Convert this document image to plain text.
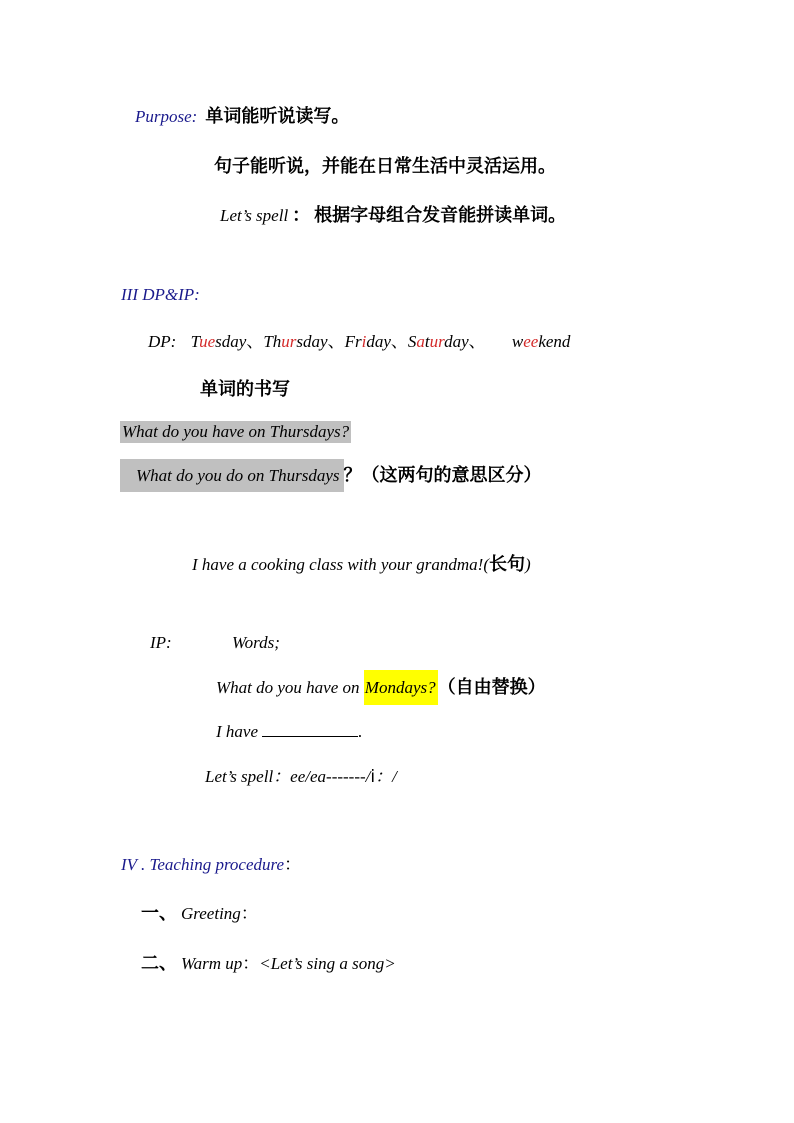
Purpose: 单词能听说读写。
句子能听说，并能在日常生活中灵活运用。
Let’s spell ： 根据字母组合发音能拼读单词。
III DP&IP:
DP: Tuesday、Thursday、Friday、Saturday、 weekend
单词的书写
What do you have on Thursdays?
What do you do on Thursdays ？（这两句的意思区分）
I have a cooking class with your grandma!(长句)
IP:	Words;
What do you have on Mondays? （自由替换）
I have	.
Let’s spell：ee/ea-------/i：/
IV . Teaching procedure：
一、 Greeting：
二、 Warm up：<Let’s sing a song>
